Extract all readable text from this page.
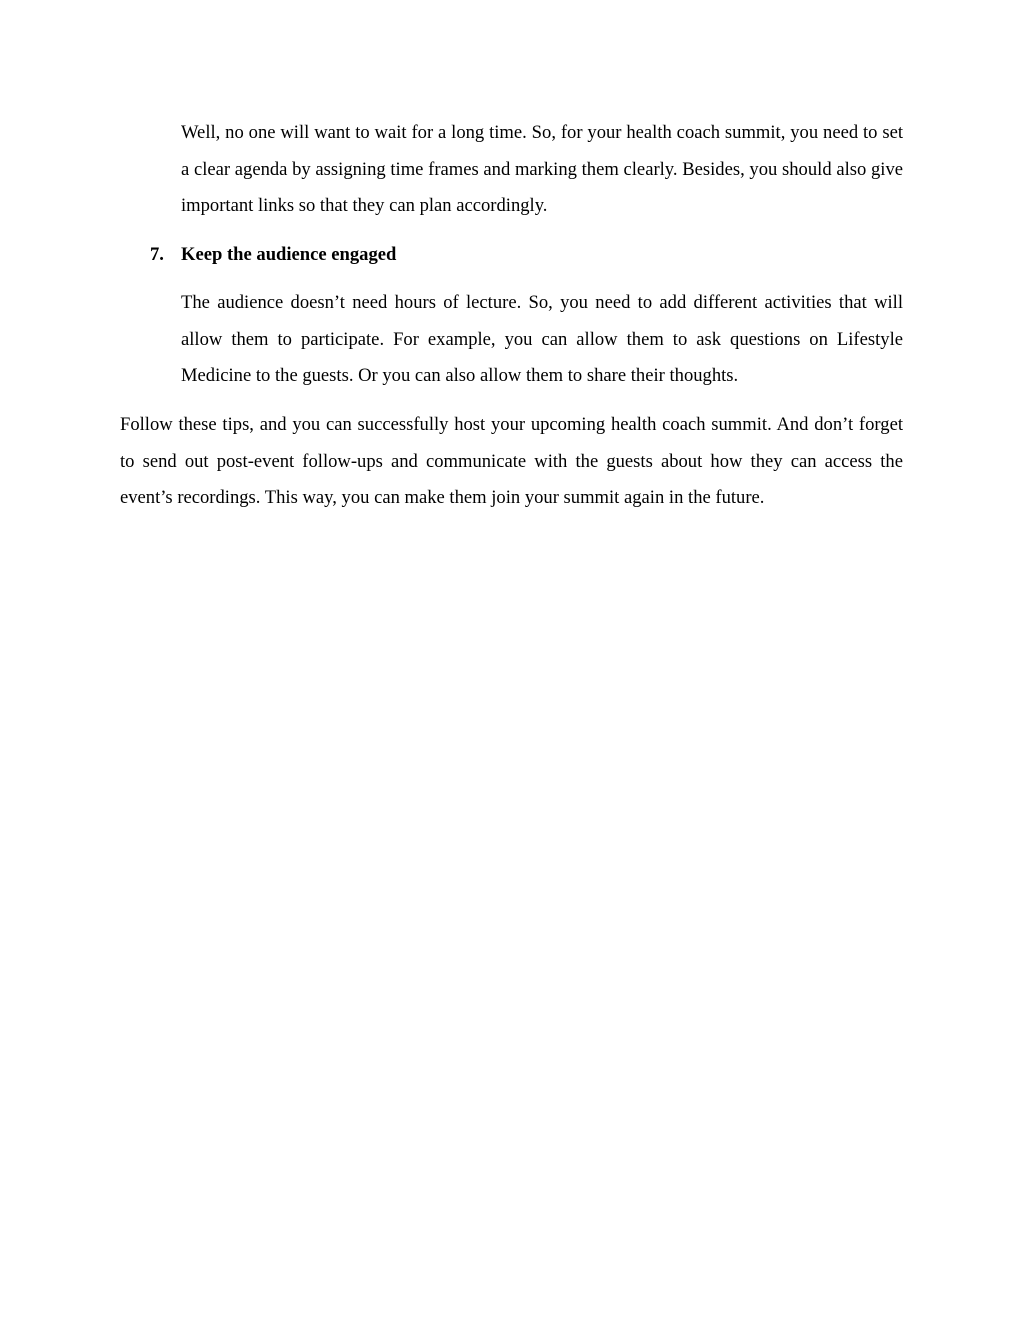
Well, no one will want to wait for a long time. So, for your health coach summit, you need to set a clear agenda by assigning time frames and marking them clearly. Besides, you should also give important links so that they can plan accordingly.

7. Keep the audience engaged

The audience doesn’t need hours of lecture. So, you need to add different activities that will allow them to participate. For example, you can allow them to ask questions on Lifestyle Medicine to the guests. Or you can also allow them to share their thoughts.

Follow these tips, and you can successfully host your upcoming health coach summit. And don’t forget to send out post-event follow-ups and communicate with the guests about how they can access the event’s recordings. This way, you can make them join your summit again in the future.
